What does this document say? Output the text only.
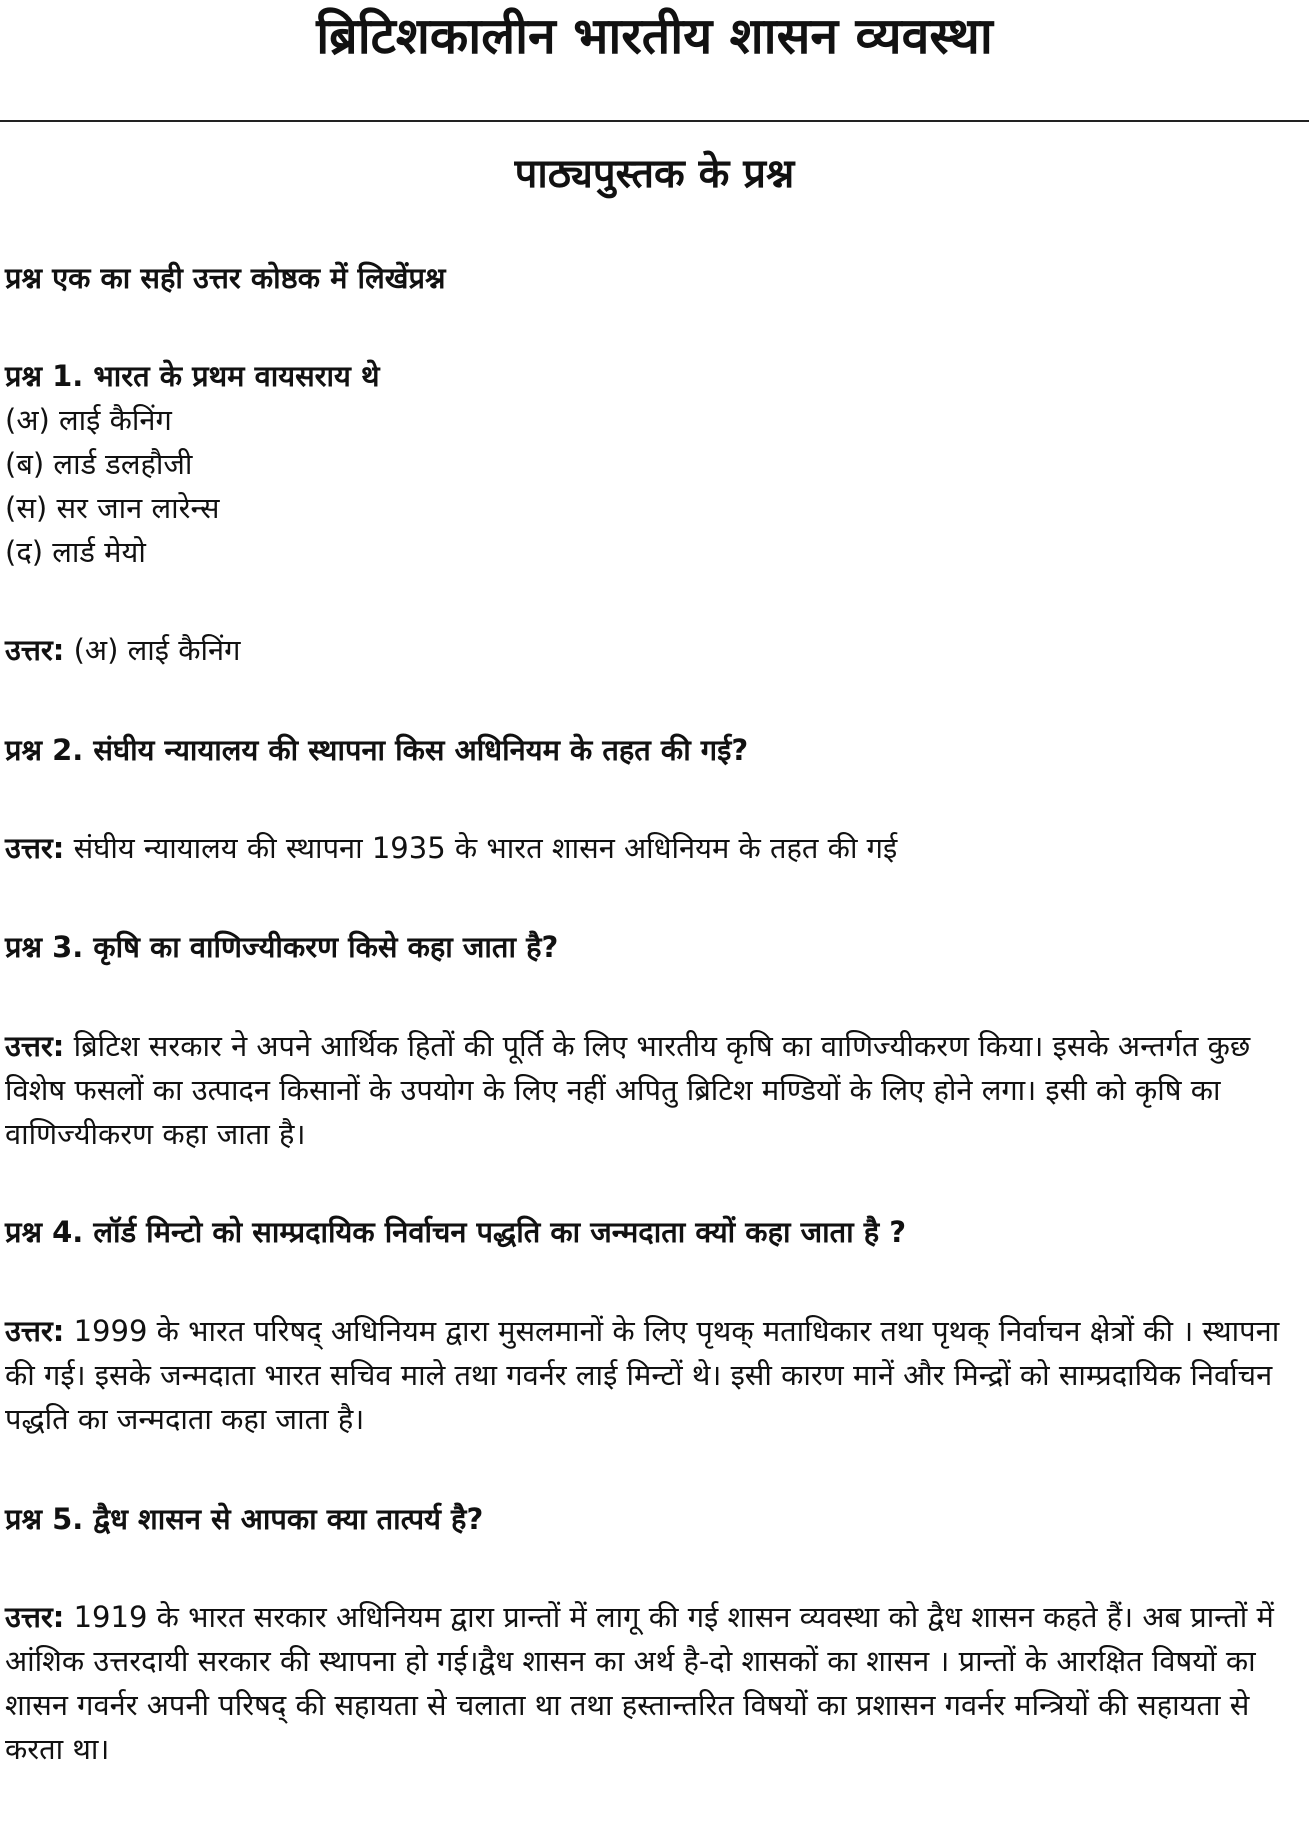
ब्रिटिशकालीन भारतीय शासन व्यवस्था
पाठ्यपुस्तक के प्रश्न

प्रश्न एक का सही उत्तर कोष्ठक में लिखेंप्रश्न

प्रश्न 1. भारत के प्रथम वायसराय थे
(अ) लाई कैनिंग
(ब) लार्ड डलहौजी
(स) सर जान लारेन्स
(द) लार्ड मेयो

उत्तर: (अ) लाई कैनिंग

प्रश्न 2. संघीय न्यायालय की स्थापना किस अधिनियम के तहत की गई?

उत्तर: संघीय न्यायालय की स्थापना 1935 के भारत शासन अधिनियम के तहत की गई

प्रश्न 3. कृषि का वाणिज्यीकरण किसे कहा जाता है?

उत्तर: ब्रिटिश सरकार ने अपने आर्थिक हितों की पूर्ति के लिए भारतीय कृषि का वाणिज्यीकरण किया। इसके अन्तर्गत कुछ विशेष फसलों का उत्पादन किसानों के उपयोग के लिए नहीं अपितु ब्रिटिश मण्डियों के लिए होने लगा। इसी को कृषि का वाणिज्यीकरण कहा जाता है।

प्रश्न 4. लॉर्ड मिन्टो को साम्प्रदायिक निर्वाचन पद्धति का जन्मदाता क्यों कहा जाता है ?

उत्तर: 1999 के भारत परिषद् अधिनियम द्वारा मुसलमानों के लिए पृथक् मताधिकार तथा पृथक् निर्वाचन क्षेत्रों की । स्थापना की गई। इसके जन्मदाता भारत सचिव माले तथा गवर्नर लाई मिन्टों थे। इसी कारण मानें और मिन्द्रों को साम्प्रदायिक निर्वाचन पद्धति का जन्मदाता कहा जाता है।

प्रश्न 5. द्वैध शासन से आपका क्या तात्पर्य है?

उत्तर: 1919 के भारत सरकार अधिनियम द्वारा प्रान्तों में लागू की गई शासन व्यवस्था को द्वैध शासन कहते हैं। अब प्रान्तों में आंशिक उत्तरदायी सरकार की स्थापना हो गई।द्वैध शासन का अर्थ है-दो शासकों का शासन । प्रान्तों के आरक्षित विषयों का शासन गवर्नर अपनी परिषद् की सहायता से चलाता था तथा हस्तान्तरित विषयों का प्रशासन गवर्नर मन्त्रियों की सहायता से करता था।
